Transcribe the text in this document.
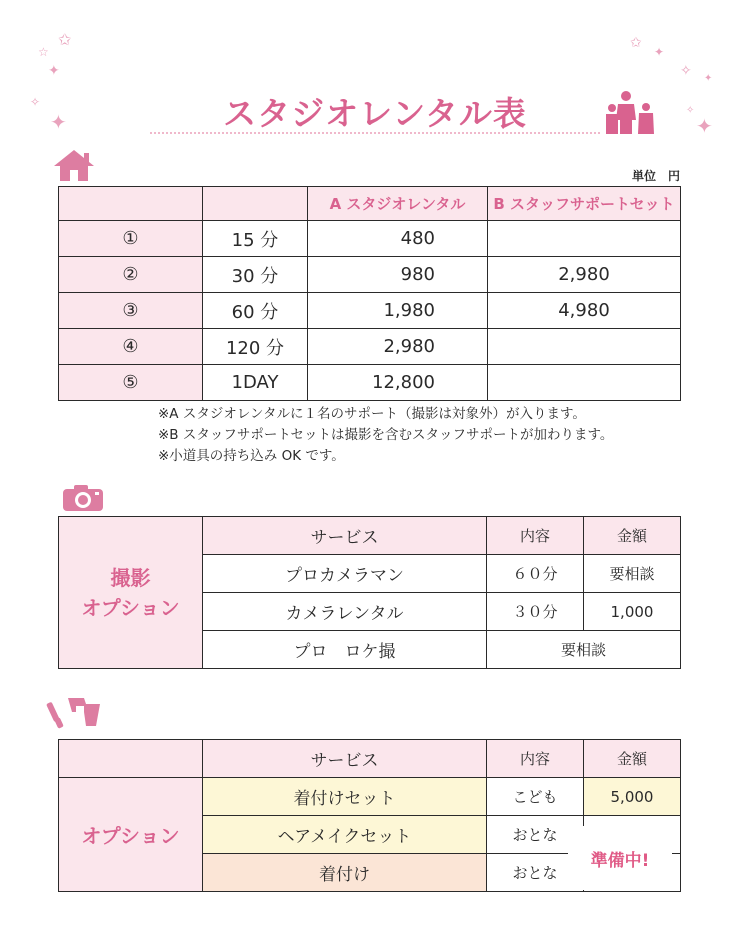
✩
☆
✦
✧
✦
✩
✦
✧ ✦
✦
✧
スタジオレンタル表
単位　円
		A スタジオレンタル	B スタッフサポートセット
①	15 分	480	
②	30 分	980	2,980
③	60 分	1,980	4,980
④	120 分	2,980	
⑤	1DAY	12,800	
※A スタジオレンタルに１名のサポート（撮影は対象外）が入ります。
※B スタッフサポートセットは撮影を含むスタッフサポートが加わります。
※小道具の持ち込み OK です。
撮影
オプション	サービス	内容	金額
	プロカメラマン	６０分	要相談
	カメラレンタル	３０分	1,000
	プロ　ロケ撮	要相談	
	サービス	内容	金額
オプション	着付けセット	こども	5,000
	ヘアメイクセット	おとな	
	着付け	おとな	
準備中!
